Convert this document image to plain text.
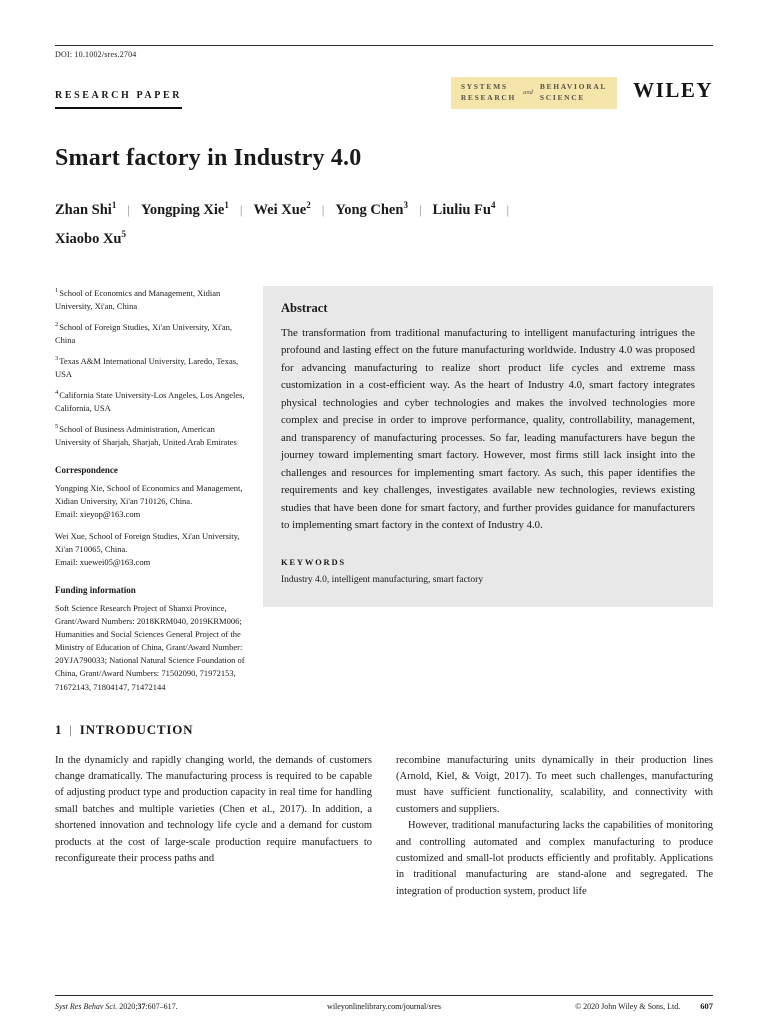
DOI: 10.1002/sres.2704
RESEARCH PAPER
SYSTEMS
RESEARCH and
BEHAVIORAL
SCIENCE	WILEY
Smart factory in Industry 4.0
Zhan Shi$^1$ | Yongping Xie$^1$ | Wei Xue$^2$ | Yong Chen$^3$ | Liuliu Fu$^4$ |
Xiaobo Xu$^5$
$^1$School of Economics and Management, Xidian University, Xi'an, China
$^2$School of Foreign Studies, Xi'an University, Xi'an, China
$^3$Texas A&M International University, Laredo, Texas, USA
$^4$California State University-Los Angeles, Los Angeles, California, USA
$^5$School of Business Administration, American University of Sharjah, Sharjah, United Arab Emirates
Correspondence
Yongping Xie, School of Economics and Management, Xidian University, Xi'an 710126, China.
Email: xieyop@163.com
Wei Xue, School of Foreign Studies, Xi'an University, Xi'an 710065, China.
Email: xuewei05@163.com
Funding information
Soft Science Research Project of Shanxi Province, Grant/Award Numbers: 2018KRM040, 2019KRM006; Humanities and Social Sciences General Project of the Ministry of Education of China, Grant/Award Number: 20YJA790033; National Natural Science Foundation of China, Grant/Award Numbers: 71502090, 71972153, 71672143, 71804147, 71472144
Abstract
The transformation from traditional manufacturing to intelligent manufacturing intrigues the profound and lasting effect on the future manufacturing worldwide. Industry 4.0 was proposed for advancing manufacturing to realize short product life cycles and extreme mass customization in a cost-efficient way. As the heart of Industry 4.0, smart factory integrates physical technologies and cyber technologies and makes the involved technologies more complex and precise in order to improve performance, quality, controllability, management, and transparency of manufacturing processes. So far, leading manufacturers have begun the journey toward implementing smart factory. However, most firms still lack insight into the challenges and resources for implementing smart factory. As such, this paper identifies the requirements and key challenges, investigates available new technologies, reviews existing studies that have been done for smart factory, and further provides guidance for manufacturers to implementing smart factory in the context of Industry 4.0.
KEYWORDS
Industry 4.0, intelligent manufacturing, smart factory
1 | INTRODUCTION

In the dynamicly and rapidly changing world, the demands of customers change dramatically. The manufacturing process is required to be capable of adjusting product type and production capacity in real time for handling small batches and multiple varieties (Chen et al., 2017). In addition, a shortened innovation and technology life cycle and a demand for custom products at the cost of large-scale production require manufactuers to reconfigureate their process paths and

recombine manufacturing units dynamically in their production lines (Arnold, Kiel, & Voigt, 2017). To meet such challenges, manufacturing must have sufficient functionality, scalability, and connectivity with customers and suppliers.

However, traditional manufacturing lacks the capabilities of monitoring and controlling automated and complex manufacturing to produce customized and small-lot products efficiently and profitably. Applications in traditional manufacturing are stand-alone and segregated. The integration of production system, product life

Syst Res Behav Sci. 2020;37:607–617.	wileyonlinelibrary.com/journal/sres	© 2020 John Wiley & Sons, Ltd. 607
